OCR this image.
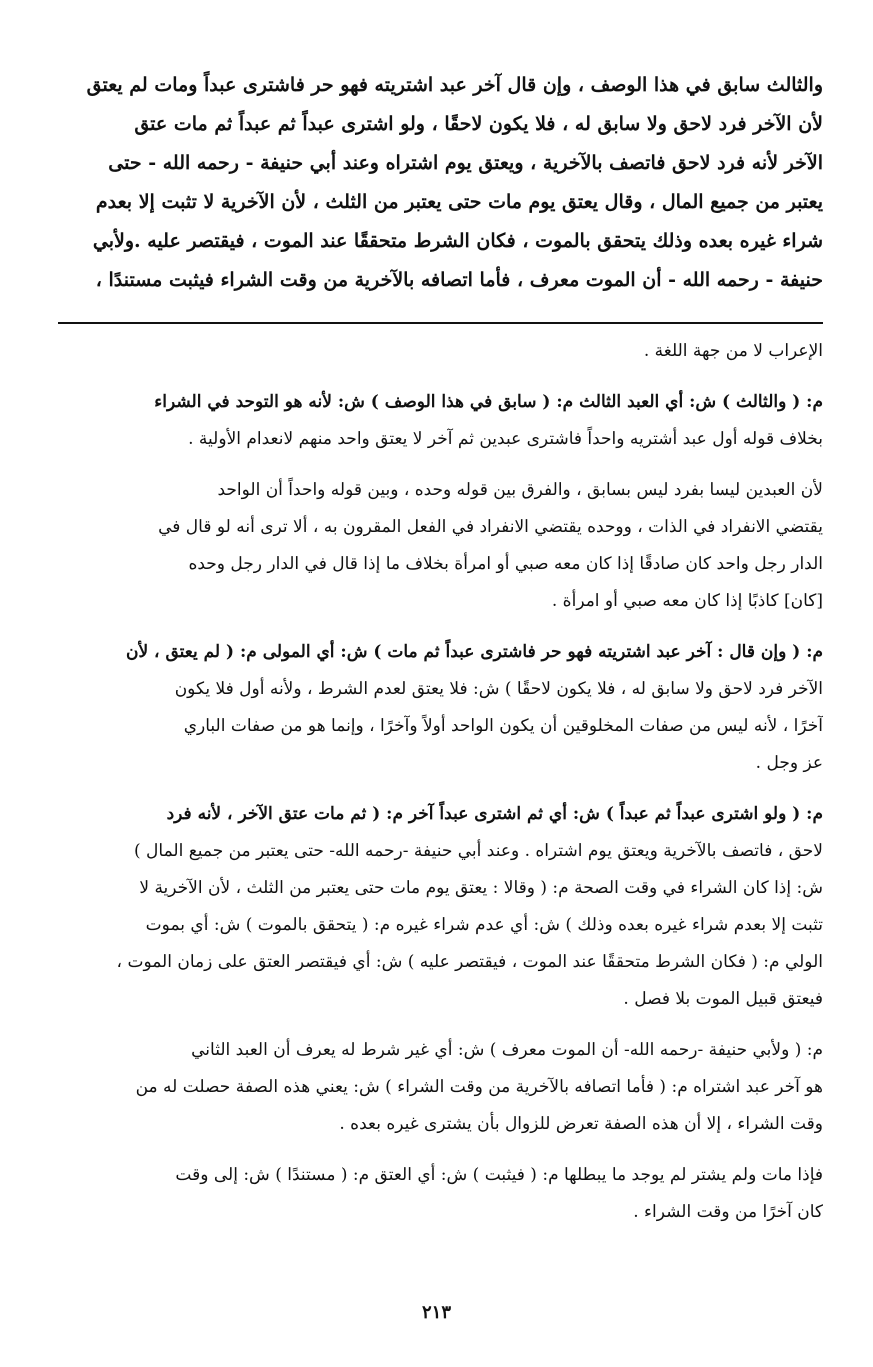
والثالث سابق في هذا الوصف ، وإن قال آخر عبد اشتريته فهو حر فاشترى عبداً ومات لم يعتق
لأن الآخر فرد لاحق ولا سابق له ، فلا يكون لاحقًا ، ولو اشترى عبداً ثم عبداً ثم مات عتق
الآخر لأنه فرد لاحق فاتصف بالآخرية ، ويعتق يوم اشتراه وعند أبي حنيفة - رحمه الله - حتى
يعتبر من جميع المال ، وقال يعتق يوم مات حتى يعتبر من الثلث ، لأن الآخرية لا تثبت إلا بعدم
شراء غيره بعده وذلك يتحقق بالموت ، فكان الشرط متحققًا عند الموت ، فيقتصر عليه .ولأبي
حنيفة - رحمه الله - أن الموت معرف ، فأما اتصافه بالآخرية من وقت الشراء فيثبت مستندًا ،
الإعراب لا من جهة اللغة .
م: ( والثالث ) ش: أي العبد الثالث م: ( سابق في هذا الوصف ) ش: لأنه هو التوحد في الشراء
بخلاف قوله أول عبد أشتريه واحداً فاشترى عبدين ثم آخر لا يعتق واحد منهم لانعدام الأولية .
لأن العبدين ليسا بفرد ليس بسابق ، والفرق بين قوله وحده ، وبين قوله واحداً أن الواحد
يقتضي الانفراد في الذات ، ووحده يقتضي الانفراد في الفعل المقرون به ، ألا ترى أنه لو قال في
الدار رجل واحد كان صادقًا إذا كان معه صبي أو امرأة بخلاف ما إذا قال في الدار رجل وحده
[كان] كاذبًا إذا كان معه صبي أو امرأة .
م: ( وإن قال : آخر عبد اشتريته فهو حر فاشترى عبداً ثم مات ) ش: أي المولى م: ( لم يعتق ، لأن
الآخر فرد لاحق ولا سابق له ، فلا يكون لاحقًا ) ش: فلا يعتق لعدم الشرط ، ولأنه أول فلا يكون
آخرًا ، لأنه ليس من صفات المخلوقين أن يكون الواحد أولاً وآخرًا ، وإنما هو من صفات الباري
عز وجل .
م: ( ولو اشترى عبداً ثم عبداً ) ش: أي ثم اشترى عبداً آخر م: ( ثم مات عتق الآخر ، لأنه فرد
لاحق ، فاتصف بالآخرية ويعتق يوم اشتراه . وعند أبي حنيفة -رحمه الله- حتى يعتبر من جميع المال )
ش: إذا كان الشراء في وقت الصحة م: ( وقالا : يعتق يوم مات حتى يعتبر من الثلث ، لأن الآخرية لا
تثبت إلا بعدم شراء غيره بعده وذلك ) ش: أي عدم شراء غيره م: ( يتحقق بالموت ) ش: أي بموت
الولي م: ( فكان الشرط متحققًا عند الموت ، فيقتصر عليه ) ش: أي فيقتصر العتق على زمان الموت ،
فيعتق قبيل الموت بلا فصل .
م: ( ولأبي حنيفة -رحمه الله- أن الموت معرف ) ش: أي غير شرط له يعرف أن العبد الثاني
هو آخر عبد اشتراه م: ( فأما اتصافه بالآخرية من وقت الشراء ) ش: يعني هذه الصفة حصلت له من
وقت الشراء ، إلا أن هذه الصفة تعرض للزوال بأن يشترى غيره بعده .
فإذا مات ولم يشتر لم يوجد ما يبطلها م: ( فيثبت ) ش: أي العتق م: ( مستندًا ) ش: إلى وقت
كان آخرًا من وقت الشراء .
٢١٣
